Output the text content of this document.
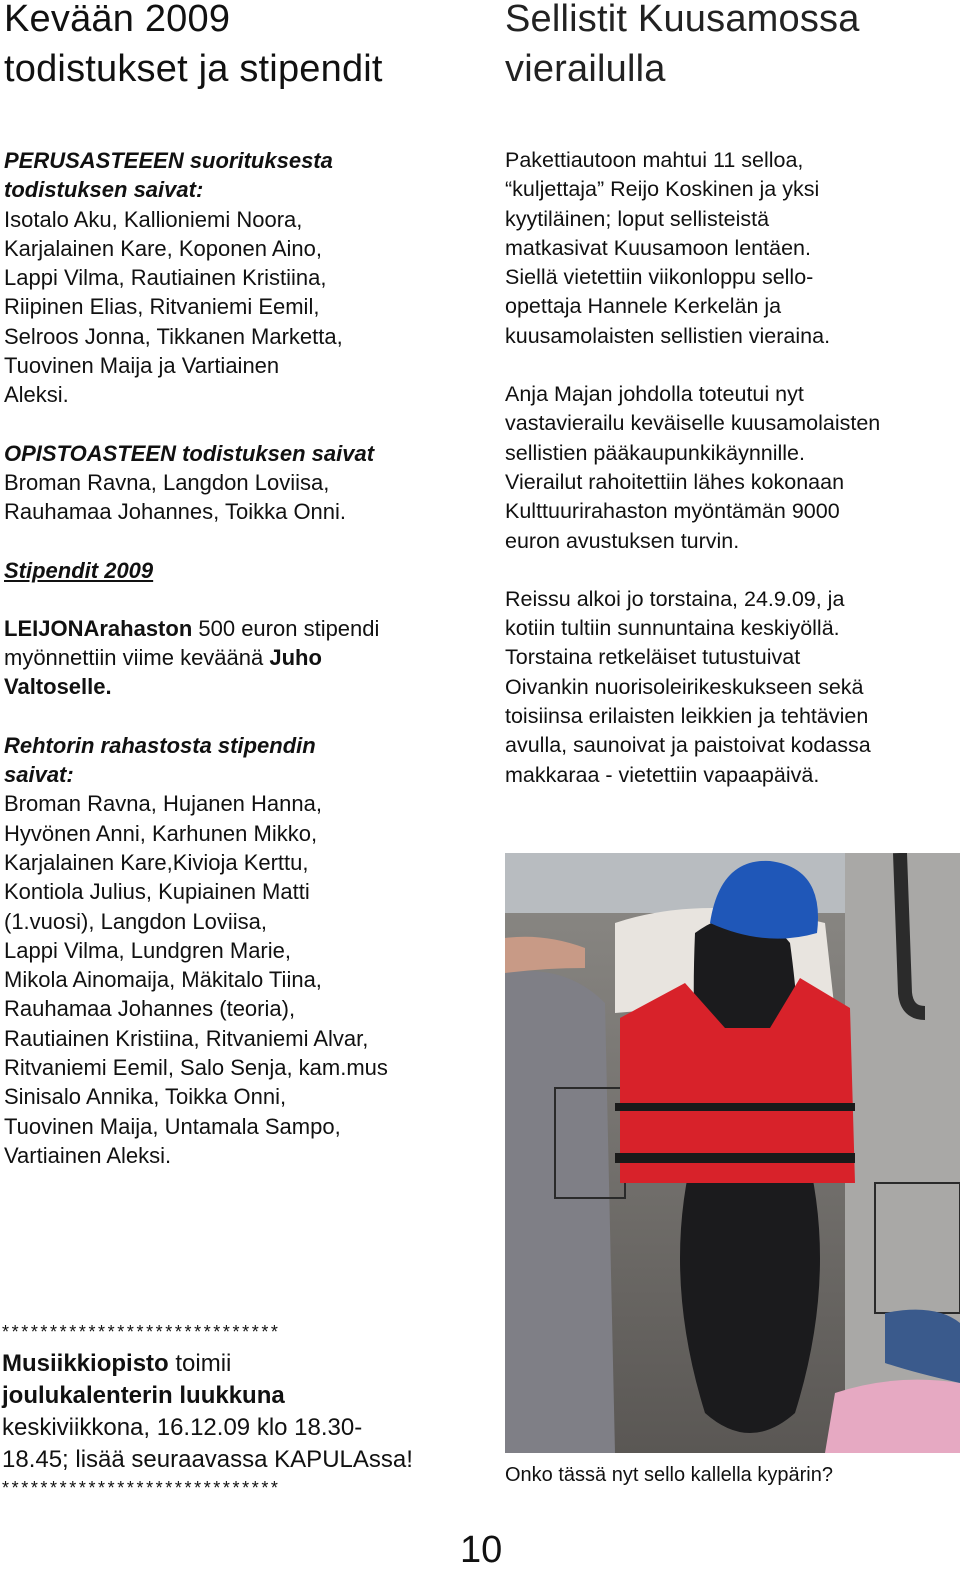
Kevään 2009
todistukset ja stipendit
PERUSASTEEEN suorituksesta
todistuksen saivat:
Isotalo Aku, Kallioniemi Noora,
Karjalainen Kare, Koponen Aino,
Lappi Vilma, Rautiainen Kristiina,
Riipinen Elias, Ritvaniemi Eemil,
Selroos Jonna, Tikkanen Marketta,
Tuovinen Maija ja Vartiainen
Aleksi.
OPISTOASTEEN todistuksen saivat
Broman Ravna, Langdon Loviisa,
Rauhamaa Johannes, Toikka Onni.
Stipendit 2009
LEIJONArahaston 500 euron stipendi
myönnettiin viime keväänä Juho
Valtoselle.
Rehtorin rahastosta stipendin
saivat:
Broman Ravna, Hujanen Hanna,
Hyvönen Anni, Karhunen Mikko,
Karjalainen Kare,Kivioja Kerttu,
Kontiola Julius, Kupiainen Matti
(1.vuosi), Langdon Loviisa,
Lappi Vilma, Lundgren Marie,
Mikola Ainomaija, Mäkitalo Tiina,
Rauhamaa Johannes (teoria),
Rautiainen Kristiina, Ritvaniemi Alvar,
Ritvaniemi Eemil, Salo Senja, kam.mus
Sinisalo Annika, Toikka Onni,
Tuovinen Maija, Untamala Sampo,
Vartiainen Aleksi.
Sellistit Kuusamossa
vierailulla
Pakettiautoon mahtui 11 selloa,
“kuljettaja” Reijo Koskinen ja yksi
kyytiläinen; loput sellisteistä
matkasivat Kuusamoon lentäen.
Siellä vietettiin viikonloppu sello-
opettaja Hannele Kerkelän ja
kuusamolaisten sellistien vieraina.
Anja Majan johdolla toteutui nyt
vastavierailu keväiselle kuusamolaisten
sellistien pääkaupunkikäynnille.
Vierailut rahoitettiin lähes kokonaan
Kulttuurirahaston myöntämän 9000
euron avustuksen turvin.
Reissu alkoi jo torstaina, 24.9.09, ja
kotiin tultiin sunnuntaina keskiyöllä.
Torstaina retkeläiset tutustuivat
Oivankin nuorisoleirikeskukseen sekä
toisiinsa erilaisten leikkien ja tehtävien
avulla, saunoivat ja paistoivat kodassa
makkaraa - vietettiin vapaapäivä.
Onko tässä nyt sello kallella kypärin?
*****************************
Musiikkiopisto toimii
joulukalenterin luukkuna
keskiviikkona, 16.12.09 klo 18.30-
18.45; lisää seuraavassa KAPULAssa!
*****************************
10
